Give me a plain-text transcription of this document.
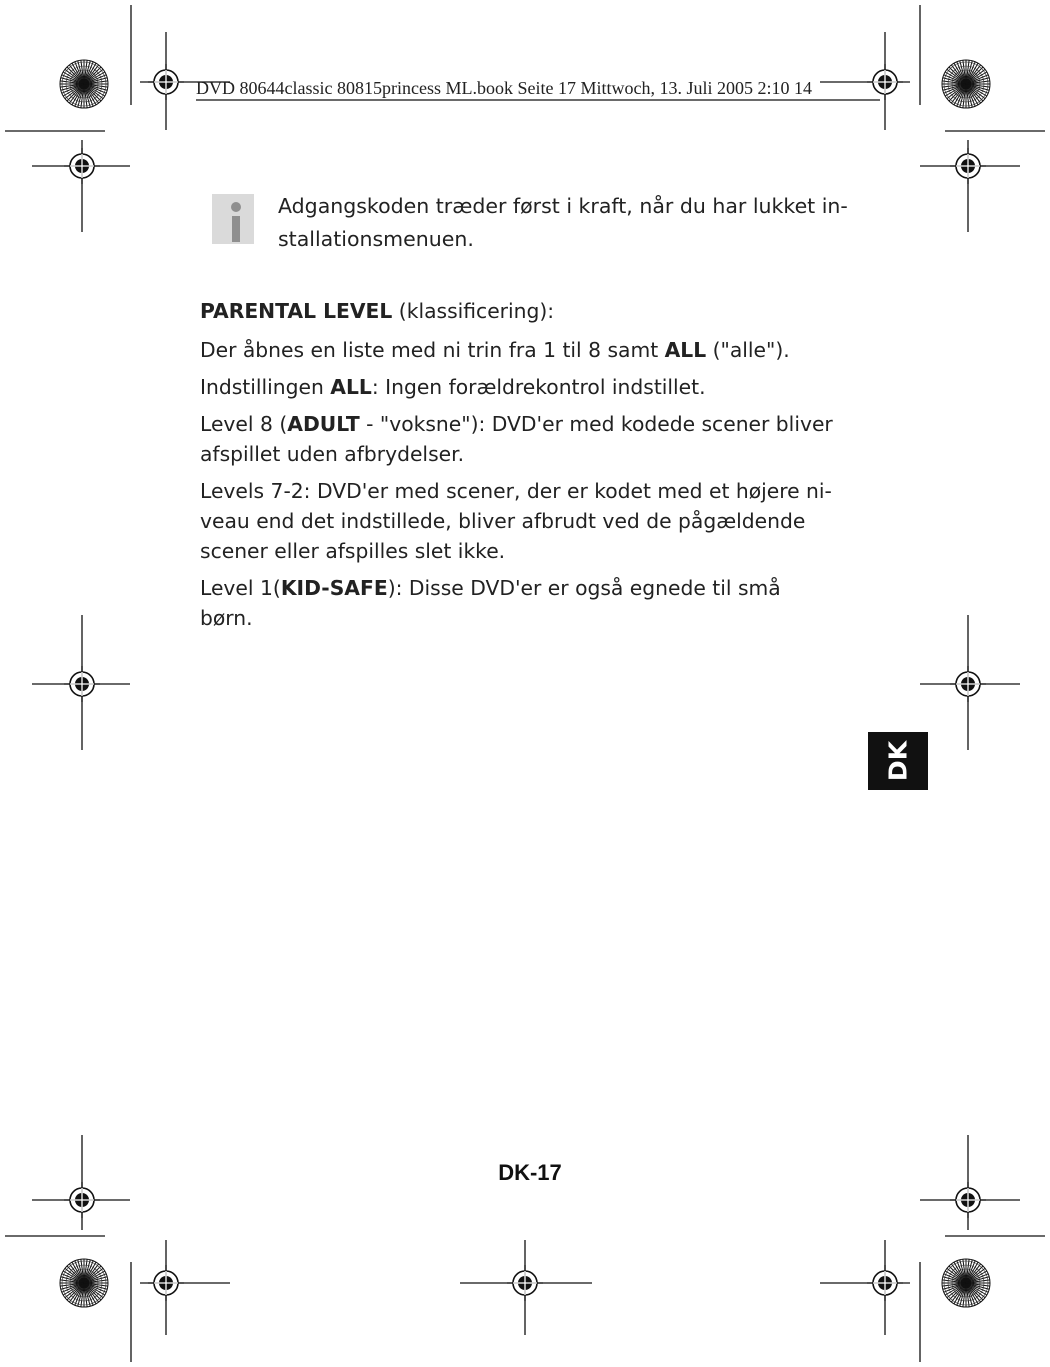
DVD 80644classic 80815princess ML.book Seite 17 Mittwoch, 13. Juli 2005 2:10 14
Adgangskoden træder først i kraft, når du har lukket in-
stallationsmenuen.

PARENTAL LEVEL (klassificering):

Der åbnes en liste med ni trin fra 1 til 8 samt ALL ("alle").

Indstillingen ALL: Ingen forældrekontrol indstillet.

Level 8 (ADULT - "voksne"): DVD'er med kodede scener bliver
afspillet uden afbrydelser.

Levels 7-2: DVD'er med scener, der er kodet med et højere ni-
veau end det indstillede, bliver afbrudt ved de pågældende
scener eller afspilles slet ikke.

Level 1(KID-SAFE): Disse DVD'er er også egnede til små
børn.

DK
DK-17
